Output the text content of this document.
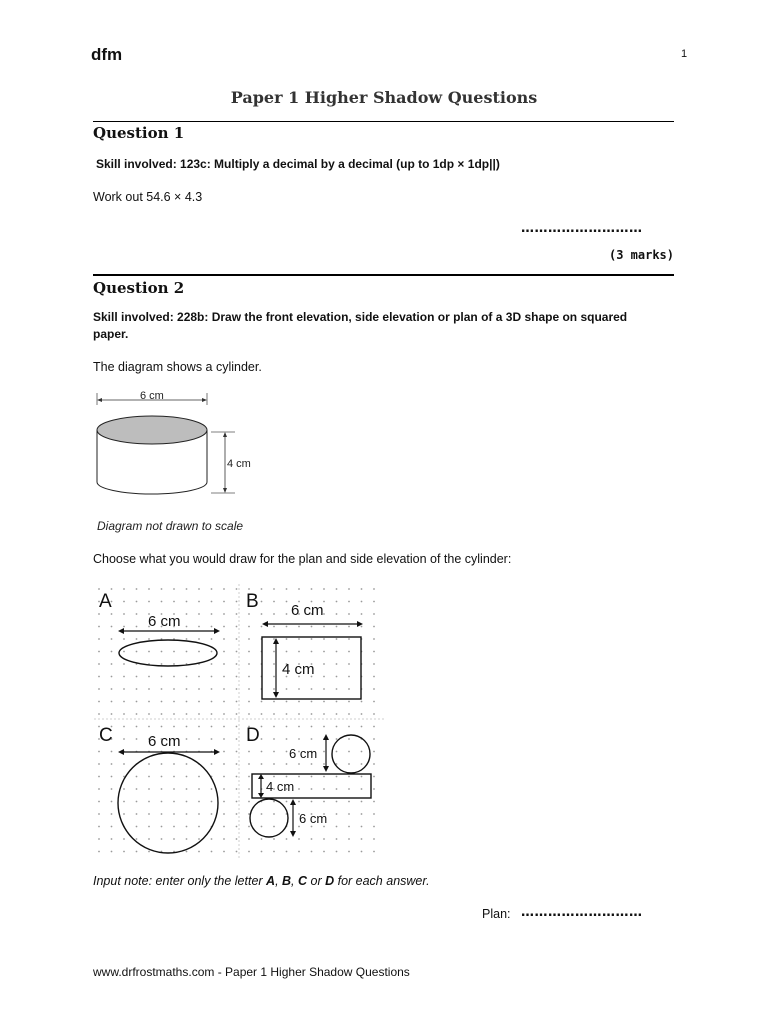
dfm	1
Paper 1 Higher Shadow Questions
Question 1
Skill involved: 123c: Multiply a decimal by a decimal (up to 1dp × 1dp||)
Work out 54.6 × 4.3
………………………
(3 marks)
Question 2
Skill involved: 228b: Draw the front elevation, side elevation or plan of a 3D shape on squared
paper.
The diagram shows a cylinder.
6 cm
4 cm
Diagram not drawn to scale
Choose what you would draw for the plan and side elevation of the cylinder:
A
6 cm
B 6 cm
4 cm
C 6 cm	D
6 cm
4 cm
6 cm
Input note: enter only the letter A, B, C or D for each answer.
Plan: ………………………
www.drfrostmaths.com - Paper 1 Higher Shadow Questions
